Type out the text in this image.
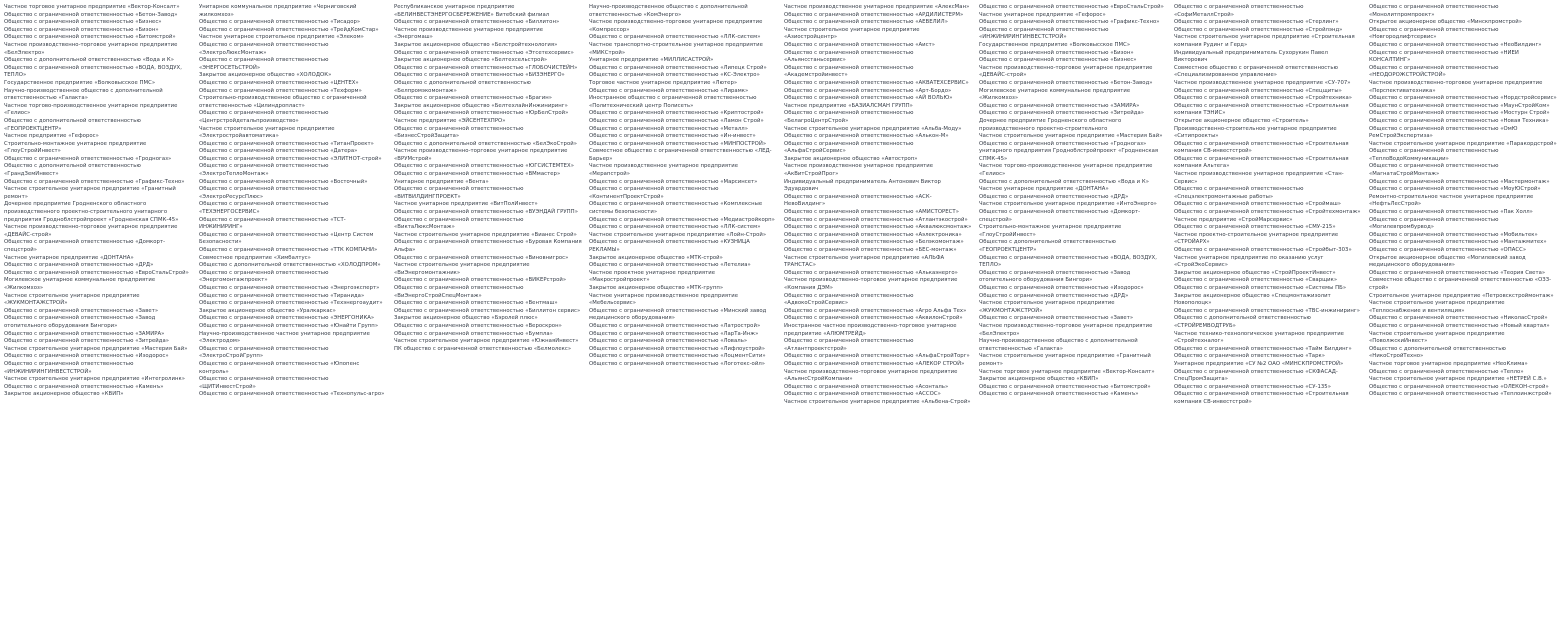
Частное торговое унитарное предприятие «Вектор-Консалт»
Общество с ограниченной ответственностью «Бетон-Завод»
Общество с ограниченной ответственностью «Бизнес»
Общество с ограниченной ответственностью «Бизон»
Общество с ограниченной ответственностью «Битомстрой»
Частное производственно-торговое унитарное предприятие «БелЭлектро»
Общество с дополнительной ответственностью «Вода и К»
Общество с ограниченной ответственностью «ВОДА, ВОЗДУХ, ТЕПЛО»
Государственное предприятие «Волковысское ПМС»
Научно-производственное общество с дополнительной ответственностью «Галакта»
Частное торгово-производственное унитарное предприятие «Гелиос»
Общество с дополнительной ответственностью «ГЕОПРОЕКТЦЕНТР»
Частное предприятие «Гефорос»
Строительно-монтажное унитарное предприятие «ГлоуСтройИнвест»
Общество с ограниченной ответственностью «Гродногаз»
Общество с дополнительной ответственностью «ГрандЗемИнвест»
Общество с ограниченной ответственностью «Графикс-Техно»
Частное строительное унитарное предприятие «Гранитный ремонт»
Дочернее предприятие Гродненского областного производственного проектно-строительного унитарного предприятия Гродноблстройпроект «Гродненская СПМК-45»
Частное производственно-торговое унитарное предприятие «ДЕВАЙС-строй»
Общество с ограниченной ответственностью «Домкорт-спецстрой»
Частное унитарное предприятие «ДОНТАНА»
Общество с ограниченной ответственностью «ДРД»
Общество с ограниченной ответственностью «ЕвроСтальСтрой»
Могилевское унитарное коммунальное предприятие «Жилкомхоз»
Частное строительное унитарное предприятие «ЖУКМОНТАЖСТРОЙ»
Общество с ограниченной ответственностью «Завет»
Общество с ограниченной ответственностью «Завод отопительного оборудования Бингори»
Общество с ограниченной ответственностью «ЗАМИРА»
Общество с ограниченной ответственностью «Зитрейда»
Частное строительное унитарное предприятие «Мастерия Бай»
Общество с ограниченной ответственностью «Изодорос»
Общество с ограниченной ответственностью «ИНЖИНИРИНГИНВЕСТСТРОЙ»
Частное строительное унитарное предприятие «Интегролинк»
Общество с ограниченной ответственностью «Каменъ»
Закрытое акционерное общество «КВИП»
Унитарное коммунальное предприятие «Черниговский жилкомхоз»
Общество с ограниченной ответственностью «Тисадор»
Общество с ограниченной ответственностью «ТрейдКомСтар»
Частное унитарное строительное предприятие «Элеком»
Общество с ограниченной ответственностью «ЭлектроЛюксМонтаж»
Общество с ограниченной ответственностью «ЭНЕРГОСЕТЬСТРОЙ»
Закрытое акционерное общество «ХОЛОДОК»
Общество с ограниченной ответственностью «ЦЕНТЕХ»
Общество с ограниченной ответственностью «Техформ»
Строительно-производственное общество с ограниченной ответственностью «Цилиндропласт»
Общество с ограниченной ответственностью «Центрстройдетальпроизводство»
Частное строительное унитарное предприятие «Электростройавтоматика»
Общество с ограниченной ответственностью «ТитанПроект»
Общество с ограниченной ответственностью «Датера»
Общество с ограниченной ответственностью «ЭЛИТНОТ-строй»
Общество с ограниченной ответственностью «ЭлектроТеплоМонтаж»
Общество с ограниченной ответственностью «Восточный»
Общество с ограниченной ответственностью «ЭлектроРесурсПлюс»
Общество с ограниченной ответственностью «ТЕХЭНЕРГОСЕРВИС»
Общество с ограниченной ответственностью «ТСТ-ИНЖИНИРИНГ»
Общество с ограниченной ответственностью «Центр Систем Безопасности»
Общество с ограниченной ответственностью «ТТК КОМПАНИ»
Совместное предприятие «Химбалтус»
Общество с дополнительной ответственностью «ХОЛОДПРОМ»
Общество с ограниченной ответственностью «Энергомонтажпроект»
Общество с ограниченной ответственностью «Энергоэксперт»
Общество с ограниченной ответственностью «Тиранида»
Общество с ограниченной ответственностью «Техэнергоаудит»
Закрытое акционерное общество «Уралкаркас»
Общество с ограниченной ответственностью «ЭНЕРГОНИКА»
Общество с ограниченной ответственностью «Юнайти Групп»
Научно-производственное частное унитарное предприятие «Электродом»
Общество с ограниченной ответственностью «ЭлектроСтройГрупп»
Общество с ограниченной ответственностью «Юпопенс контроль»
Общество с ограниченной ответственностью «ЩИТИнвестСтрой»
Общество с ограниченной ответственностью «Технопульс-агро»
Республиканское унитарное предприятие «БЕЛИНВЕСТЭНЕРГОСБЕРЕЖЕНИЕ» Витебский филиал
Общество с ограниченной ответственностью «Биллитон»
Частное производственное унитарное предприятие «Энергомаш»
Закрытое акционерное общество «Белстройтехнология»
Общество с ограниченной ответственностью «Этсетехсервис»
Закрытое акционерное общество «Белтехсельстрой»
Общество с ограниченной ответственностью «ГЛОБОЧИСТЕЙН»
Общество с ограниченной ответственностью «БИЗЭНЕРГО»
Общество с дополнительной ответственностью «Белпромэкомонтаж»
Общество с ограниченной ответственностью «Брагин»
Закрытое акционерное общество «БелтехлайнИнжиниринг»
Общество с ограниченной ответственностью «ЮрБелСтрой»
Частное предприятие «ЭЙСЕНТЕХПРО»
Общество с ограниченной ответственностью «БизнесСтройЗащита»
Общество с дополнительной ответственностью «БелЭкоСтрой»
Частное производственно-торговое унитарное предприятие «ВРУМстрой»
Общество с ограниченной ответственностью «ЮГСИСТЕМТЕХ»
Общество с ограниченной ответственностью «ВМмастер»
Унитарное предприятие «Вента»
Общество с ограниченной ответственностью «ВИТВИЛДИНГПРОЕКТ»
Частное унитарное предприятие «ВитПолИнвест»
Общество с ограниченной ответственностью «ВУЭНДАЙ ГРУПП»
Общество с ограниченной ответственностью «ВиктаЛюксМонтаж»
Частное строительное унитарное предприятие «Вианес Строй»
Общество с ограниченной ответственностью «Буровая Компания Альфа»
Общество с ограниченной ответственностью «Виновнигрос»
Частное строительное унитарное предприятие «ВиЭнергомонтажник»
Общество с ограниченной ответственностью «ВИКЕРстрой»
Общество с ограниченной ответственностью «ВиЭнергоСтройСпецМонтаж»
Общество с ограниченной ответственностью «Вентмаш»
Общество с ограниченной ответственностью «Биллитон сервис»
Закрытое акционерное общество «Бэролей плюс»
Общество с ограниченной ответственностью «Вероскрон»
Общество с ограниченной ответственностью «Бумпла»
Частное строительное унитарное предприятие «ЮжнаяИнвест»
ПК общество с ограниченной ответственностью «Белмолекс»
Научно-производственное общество с дополнительной ответственностью «КомЭнерго»
Частное производственно-торговое унитарное предприятие «Компрессор»
Общество с ограниченной ответственностью «ЛЛК-систем»
Частное транспортно-строительное унитарное предприятие «МИКСтрой»
Унитарное предприятие «МИЛЛИСАСТРОЙ»
Общество с ограниченной ответственностью «Липецк Строй»
Общество с ограниченной ответственностью «КС-Электро»
Торговое частное унитарное предприятие «Лютер»
Общество с ограниченной ответственностью «Лирамк»
Иностранное общество с ограниченной ответственностью «Политехнический центр Полисеть»
Общество с ограниченной ответственностью «Криптострой»
Общество с ограниченной ответственностью «Ламон Строй»
Общество с ограниченной ответственностью «Металл»
Общество с ограниченной ответственностью «Ин-инвест»
Общество с ограниченной ответственностью «МИНПОСТРОЙ»
Совместное общество с ограниченной ответственностью «ЛЕД-Барьер»
Частное производственное унитарное предприятие «Мерапстрой»
Общество с ограниченной ответственностью «Марсинсет»
Общество с ограниченной ответственностью «КонтинентПроектСтрой»
Общество с ограниченной ответственностью «Комплексные системы безопасности»
Общество с ограниченной ответственностью «Медиастройкорп»
Общество с ограниченной ответственностью «ЛЛК-систем»
Частное строительное унитарное предприятие «Лойн-Строй»
Общество с ограниченной ответственностью «КУЗНИЦА РЕКЛАМЫ»
Закрытое акционерное общество «МТК-строй»
Общество с ограниченной ответственностью «Летелиа»
Частное проектное унитарное предприятие «Макростройпроект»
Закрытое акционерное общество «МТК-групп»
Частное унитарное производственное предприятие «Мебельсервис»
Общество с ограниченной ответственностью «Минский завод медицинского оборудования»
Общество с ограниченной ответственностью «Латрострой»
Общество с ограниченной ответственностью «ЛарТа-Инж»
Общество с ограниченной ответственностью «Ловаль»
Общество с ограниченной ответственностью «Лифлоустрой»
Общество с ограниченной ответственностью «ЛоцментСити»
Общество с ограниченной ответственностью «Логотекс-ойл»
Частное производственное унитарное предприятие «АлексМан»
Общество с ограниченной ответственностью «АРДИЛИСТЕРМ»
Общество с ограниченной ответственностью «АЕВЕЛИЛ»
Частное строительное унитарное предприятие «Азиостройцентр»
Общество с ограниченной ответственностью «Аист»
Общество с ограниченной ответственностью «Альянсстаньсервис»
Общество с ограниченной ответственностью «Академстройинвест»
Общество с ограниченной ответственностью «АКВАТЕХСЕРВИС»
Общество с ограниченной ответственностью «Арт-Бордо»
Общество с ограниченной ответственностью «АЙ ВОЛЬЮ»
Частное предприятие «БАЗИАЛСМАН ГРУПП»
Общество с ограниченной ответственностью «БелагроЦентрСтрой»
Частное строительное унитарное предприятие «Альба-Моду»
Общество с ограниченной ответственностью «Алькон-М»
Общество с ограниченной ответственностью «АльфаСтройСервис»
Закрытое акционерное общество «Автостроп»
Частное производственное унитарное предприятие «АкВитСтройПрог»
Индивидуальный предприниматель Антонович Виктор Эдуардович
Общество с ограниченной ответственностью «АСК-НевоВилдинг»
Общество с ограниченной ответственностью «АМИСТОРЕСТ»
Общество с ограниченной ответственностью «Атлантэкострой»
Общество с ограниченной ответственностью «Аквалюксмонтаж»
Общество с ограниченной ответственностью «Аэлектроника»
Общество с ограниченной ответственностью «Белэкомонтаж»
Общество с ограниченной ответственностью «БЕС-монтаж»
Частное строительное унитарное предприятие «АЛЬФА ТРАНСТАС»
Общество с ограниченной ответственностью «Алькаэнерго»
Частное производственно-торговое унитарное предприятие «Компания ДЭМ»
Общество с ограниченной ответственностью «АдвокоСтройСервис»
Общество с ограниченной ответственностью «Агро Альфа Тех»
Общество с ограниченной ответственностью «АквилонСтрой»
Иностранное частное производственно-торговое унитарное предприятие «АЛЮМТРЕЙД»
Общество с ограниченной ответственностью «Атлантпроектстрой»
Общество с ограниченной ответственностью «АльфаСтройТорг»
Общество с ограниченной ответственностью «АЛЕКОР СТРОЙ»
Частное производственно-торговое унитарное предприятие «АльянсСтройКомпани»
Общество с ограниченной ответственностью «Асонталь»
Общество с ограниченной ответственностью «АССОС»
Частное строительное унитарное предприятие «Альбена-Строй»
Общество с ограниченной ответственностью «ЕвроСтальСтрой»
Частное унитарное предприятие «Гефорос»
Общество с ограниченной ответственностью «Графикс-Техно»
Общество с ограниченной ответственностью «ИНЖИНИРИНГИНВЕСТСТРОЙ»
Государственное предприятие «Волковысское ПМС»
Общество с ограниченной ответственностью «Бизон»
Общество с ограниченной ответственностью «Бизнес»
Частное производственно-торговое унитарное предприятие «ДЕВАЙС-строй»
Общество с ограниченной ответственностью «Бетон-Завод»
Могилевское унитарное коммунальное предприятие «Жилкомхоз»
Общество с ограниченной ответственностью «ЗАМИРА»
Общество с ограниченной ответственностью «Зитрейда»
Дочернее предприятие Гродненского областного производственного проектно-строительного
Частное строительное унитарное предприятие «Мастерия Бай»
Общество с ограниченной ответственностью «Гродногаз»
унитарного предприятия Гродноблстройпроект «Гродненская СПМК-45»
Частное торгово-производственное унитарное предприятие «Гелиос»
Общество с дополнительной ответственностью «Вода и К»
Частное унитарное предприятие «ДОНТАНА»
Общество с ограниченной ответственностью «ДРД»
Частное строительное унитарное предприятие «ИнтоЭнерго»
Общество с ограниченной ответственностью «Домкорт-спецстрой»
Строительно-монтажное унитарное предприятие «ГлоуСтройИнвест»
Общество с дополнительной ответственностью «ГЕОПРОЕКТЦЕНТР»
Общество с ограниченной ответственностью «ВОДА, ВОЗДУХ, ТЕПЛО»
Общество с ограниченной ответственностью «Завод отопительного оборудования Бингори»
Общество с ограниченной ответственностью «Изодорос»
Общество с ограниченной ответственностью «ДРД»
Частное строительное унитарное предприятие «ЖУКМОНТАЖСТРОЙ»
Общество с ограниченной ответственностью «Завет»
Частное производственно-торговое унитарное предприятие «БелЭлектро»
Научно-производственное общество с дополнительной ответственностью «Галакта»
Частное строительное унитарное предприятие «Гранитный ремонт»
Частное торговое унитарное предприятие «Вектор-Консалт»
Закрытое акционерное общество «КВИП»
Общество с ограниченной ответственностью «Битомстрой»
Общество с ограниченной ответственностью «Каменъ»
Общество с ограниченной ответственностью «СофиМеталлСтрой»
Общество с ограниченной ответственностью «Стерлинг»
Общество с ограниченной ответственностью «Стройлэнд»
Частное строительное унитарное предприятие «Строительная компания Рудинг и Герд»
Индивидуальный предприниматель Сухорукин Павел Викторович
Совместное общество с ограниченной ответственностью «Специализированное управление»
Частное производственное унитарное предприятие «СУ-707»
Общество с ограниченной ответственностью «Спецщиты»
Общество с ограниченной ответственностью «Стройтехника»
Общество с ограниченной ответственностью «Строительная компания ТЭНИС»
Открытое акционерное общество «Строитель»
Производственно-строительное унитарное предприятие «Ситипроекты»
Общество с ограниченной ответственностью «Строительная компания СВ-инвестстрой»
Общество с ограниченной ответственностью «Строительная компания Альтега»
Частное производственное унитарное предприятие «Стан-Сервис»
Общество с ограниченной ответственностью «Спецэлектромонтажные работы»
Общество с ограниченной ответственностью «Строймаш»
Общество с ограниченной ответственностью «Стройтехмонтаж»
Частное предприятие «СтройМарсервис»
Общество с ограниченной ответственностью «СМУ-215»
Частное проектно-строительное унитарное предприятие «СТРОЙАРХ»
Общество с ограниченной ответственностью «Стройбыт-303»
Частное унитарное предприятие по оказанию услуг «СтройЭкоСервис»
Закрытое акционерное общество «СтройПроектИнвест»
Общество с ограниченной ответственностью «Сварщик»
Общество с ограниченной ответственностью «Системы ПБ»
Закрытое акционерное общество «Спецмонтажизолит Новополоцк»
Общество с ограниченной ответственностью «ТВС-инжиниринг»
Общество с дополнительной ответственностью «СТРОЙРЕМВОДТРУБ»
Частное технико-технологическое унитарное предприятие «Стройтехналог»
Общество с ограниченной ответственностью «Тайм Билдинг»
Общество с ограниченной ответственностью «Тарк»
Унитарное предприятие «СУ №2 ОАО «МИНСКПРОМСТРОЙ»
Общество с ограниченной ответственностью «СКФАСАД-СпецПромЗащита»
Общество с ограниченной ответственностью «СУ-135»
Общество с ограниченной ответственностью «Строительная компания СВ-инвестстрой»
Общество с ограниченной ответственностью «Монолитпромпроект»
Открытое акционерное общество «Минскпромстрой»
Общество с ограниченной ответственностью «Новгородлифтсервис»
Общество с ограниченной ответственностью «НеоВилдинг»
Общество с ограниченной ответственностью «НИЕИ КОНСАЛТИНГ»
Общество с ограниченной ответственностью «НЕОДОРОЖСТРОЙСТРОЙ»
Частное производственно-торговое унитарное предприятие «Перспективатехника»
Общество с ограниченной ответственностью «Нордстройсервис»
Общество с ограниченной ответственностью «МаунСтройКом»
Общество с ограниченной ответственностью «Мостурн Строй»
Общество с ограниченной ответственностью «Новая Техника»
Общество с ограниченной ответственностью «ОмЮ РемСтройЭкспертиза»
Частное строительное унитарное предприятие «Паракордстрой»
Общество с ограниченной ответственностью «ТеплоВодоКоммуникации»
Общество с ограниченной ответственностью «МагнатаСтройМонтаж»
Общество с ограниченной ответственностью «Мастермонтаж»
Общество с ограниченной ответственностью «МоуЮСтрой»
Ремонтно-строительное частное унитарное предприятие «НефтьЛесСтрой»
Общество с ограниченной ответственностью «Пак Холл»
Общество с ограниченной ответственностью «Могилевпромбурвод»
Общество с ограниченной ответственностью «Мобильтек»
Общество с ограниченной ответственностью «Мантажмитех»
Общество с ограниченной ответственностью «ОПАСС»
Открытое акционерное общество «Могилевский завод медицинского оборудования»
Общество с ограниченной ответственностью «Теория Света»
Совместное общество с ограниченной ответственностью «ОЗЗ-строй»
Строительное унитарное предприятие «Петровскстроймонтаж»
Частное строительное унитарное предприятие «Теплоснабжение и вентиляция»
Общество с ограниченной ответственностью «НиколасСтрой»
Общество с ограниченной ответственностью «Новый квартал»
Частное строительное унитарное предприятие «ПоволжскиИнвест»
Общество с дополнительной ответственностью «НикоСтройТехно»
Частное торговое унитарное предприятие «НеоКлима»
Общество с ограниченной ответственностью «Тепло»
Частное строительное унитарное предприятие «НЕТРЕЙ С.В.»
Общество с ограниченной ответственностью «ОЛЕКОН-строй»
Общество с ограниченной ответственностью «Теплоинжстрой»
